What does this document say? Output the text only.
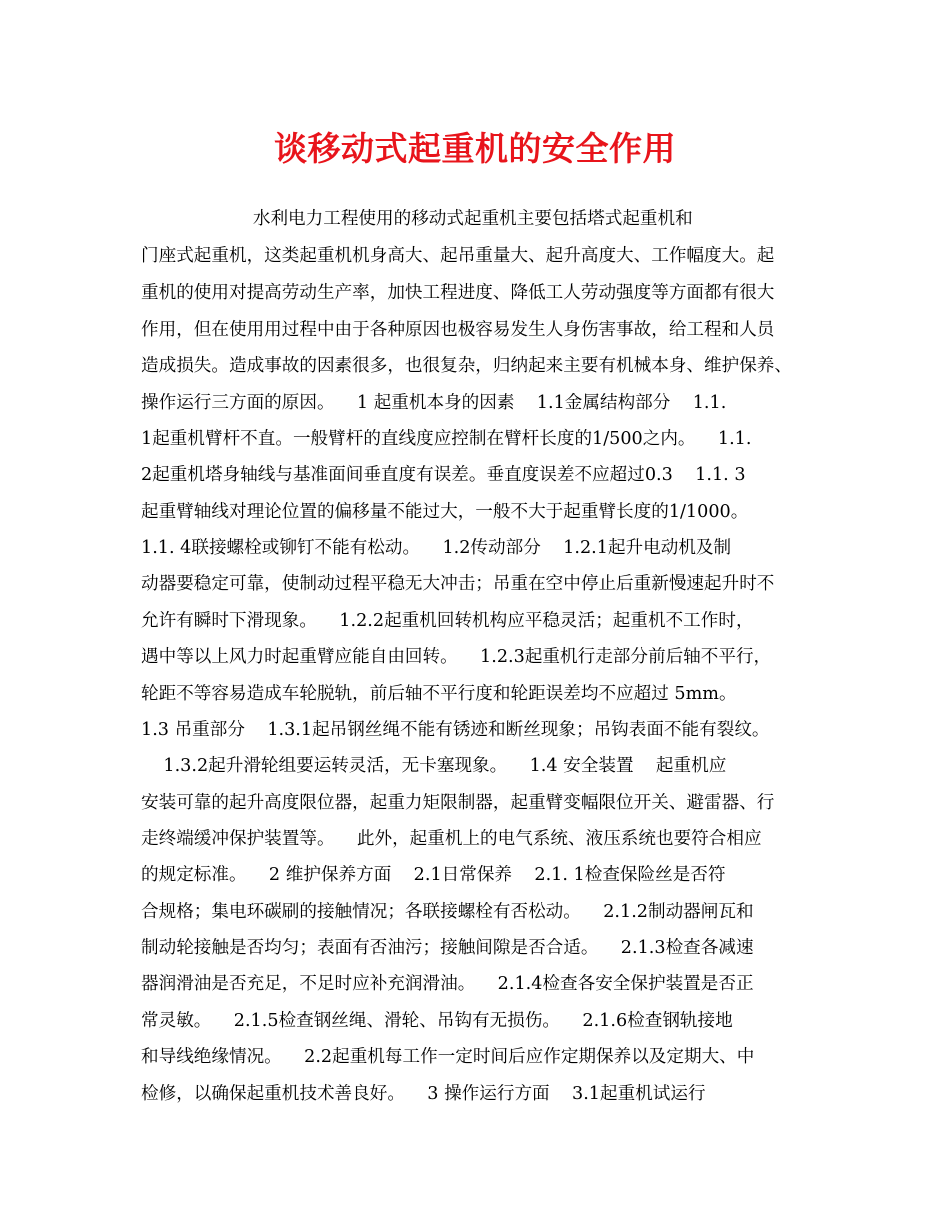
谈移动式起重机的安全作用
水利电力工程使用的移动式起重机主要包括塔式起重机和
门座式起重机，这类起重机机身高大、起吊重量大、起升高度大、工作幅度大。起
重机的使用对提高劳动生产率，加快工程进度、降低工人劳动强度等方面都有很大
作用，但在使用用过程中由于各种原因也极容易发生人身伤害事故，给工程和人员
造成损失。造成事故的因素很多，也很复杂，归纳起来主要有机械本身、维护保养、
操作运行三方面的原因。    1 起重机本身的因素    1.1金属结构部分    1.1.
1起重机臂杆不直。一般臂杆的直线度应控制在臂杆长度的1/500之内。    1.1.
2起重机塔身轴线与基准面间垂直度有误差。垂直度误差不应超过0.3    1.1. 3
起重臂轴线对理论位置的偏移量不能过大，一般不大于起重臂长度的1/1000。
1.1. 4联接螺栓或铆钉不能有松动。    1.2传动部分    1.2.1起升电动机及制
动器要稳定可靠，使制动过程平稳无大冲击；吊重在空中停止后重新慢速起升时不
允许有瞬时下滑现象。    1.2.2起重机回转机构应平稳灵活；起重机不工作时，
遇中等以上风力时起重臂应能自由回转。    1.2.3起重机行走部分前后轴不平行，
轮距不等容易造成车轮脱轨，前后轴不平行度和轮距误差均不应超过 5mm。
1.3 吊重部分    1.3.1起吊钢丝绳不能有锈迹和断丝现象；吊钩表面不能有裂纹。
1.3.2起升滑轮组要运转灵活，无卡塞现象。    1.4 安全装置    起重机应
安装可靠的起升高度限位器，起重力矩限制器，起重臂变幅限位开关、避雷器、行
走终端缓冲保护装置等。    此外，起重机上的电气系统、液压系统也要符合相应
的规定标准。    2 维护保养方面    2.1日常保养    2.1. 1检查保险丝是否符
合规格；集电环碳刷的接触情况；各联接螺栓有否松动。    2.1.2制动器闸瓦和
制动轮接触是否均匀；表面有否油污；接触间隙是否合适。    2.1.3检查各减速
器润滑油是否充足，不足时应补充润滑油。    2.1.4检查各安全保护装置是否正
常灵敏。    2.1.5检查钢丝绳、滑轮、吊钩有无损伤。    2.1.6检查钢轨接地
和导线绝缘情况。    2.2起重机每工作一定时间后应作定期保养以及定期大、中
检修，以确保起重机技术善良好。    3 操作运行方面    3.1起重机试运行
